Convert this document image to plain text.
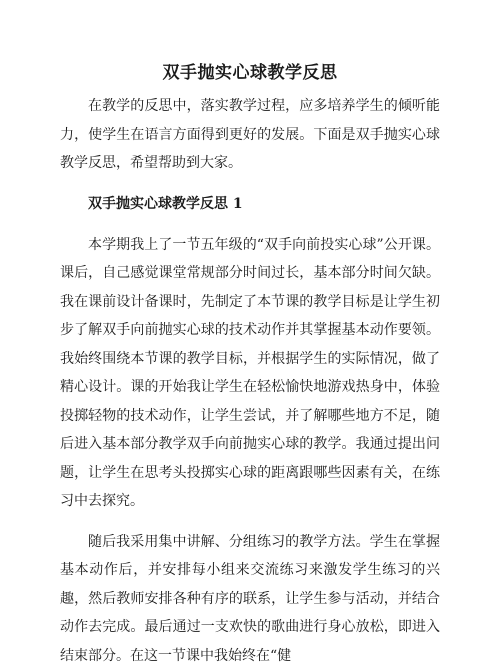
双手抛实心球教学反思

在教学的反思中，落实教学过程，应多培养学生的倾听能力，使学生在语言方面得到更好的发展。下面是双手抛实心球教学反思，希望帮助到大家。

双手抛实心球教学反思 1

本学期我上了一节五年级的“双手向前投实心球”公开课。课后，自己感觉课堂常规部分时间过长，基本部分时间欠缺。我在课前设计备课时，先制定了本节课的教学目标是让学生初步了解双手向前抛实心球的技术动作并其掌握基本动作要领。我始终围绕本节课的教学目标，并根据学生的实际情况，做了精心设计。课的开始我让学生在轻松愉快地游戏热身中，体验投掷轻物的技术动作，让学生尝试，并了解哪些地方不足，随后进入基本部分教学双手向前抛实心球的教学。我通过提出问题，让学生在思考头投掷实心球的距离跟哪些因素有关，在练习中去探究。

随后我采用集中讲解、分组练习的教学方法。学生在掌握基本动作后，并安排每小组来交流练习来激发学生练习的兴趣，然后教师安排各种有序的联系，让学生参与活动，并结合动作去完成。最后通过一支欢快的歌曲进行身心放松，即进入结束部分。在这一节课中我始终在“健
